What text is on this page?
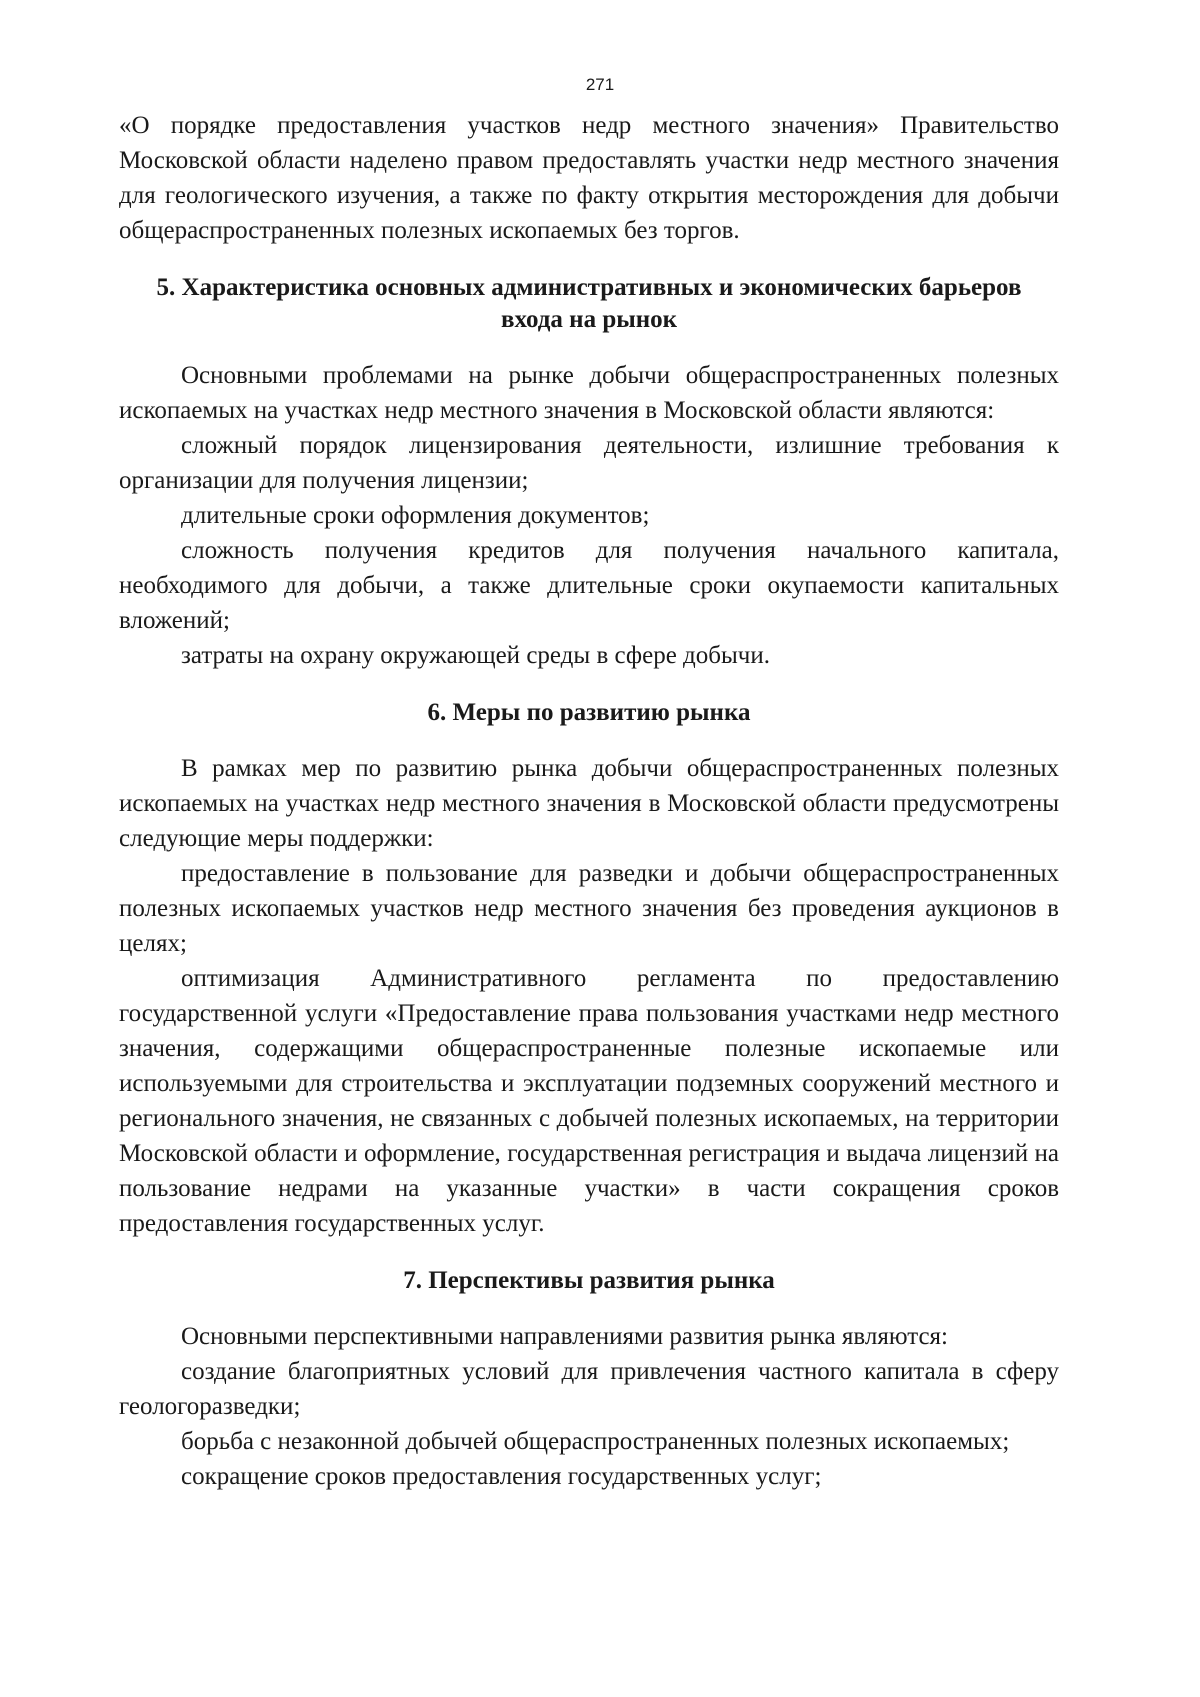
271

«О порядке предоставления участков недр местного значения» Правительство Московской области наделено правом предоставлять участки недр местного значения для геологического изучения, а также по факту открытия месторождения для добычи общераспространенных полезных ископаемых без торгов.

5. Характеристика основных административных и экономических барьеров входа на рынок

Основными проблемами на рынке добычи общераспространенных полезных ископаемых на участках недр местного значения в Московской области являются:

сложный порядок лицензирования деятельности, излишние требования к организации для получения лицензии;

длительные сроки оформления документов;

сложность получения кредитов для получения начального капитала, необходимого для добычи, а также длительные сроки окупаемости капитальных вложений;

затраты на охрану окружающей среды в сфере добычи.

6. Меры по развитию рынка

В рамках мер по развитию рынка добычи общераспространенных полезных ископаемых на участках недр местного значения в Московской области предусмотрены следующие меры поддержки:

предоставление в пользование для разведки и добычи общераспространенных полезных ископаемых участков недр местного значения без проведения аукционов в целях;

оптимизация Административного регламента по предоставлению государственной услуги «Предоставление права пользования участками недр местного значения, содержащими общераспространенные полезные ископаемые или используемыми для строительства и эксплуатации подземных сооружений местного и регионального значения, не связанных с добычей полезных ископаемых, на территории Московской области и оформление, государственная регистрация и выдача лицензий на пользование недрами на указанные участки» в части сокращения сроков предоставления государственных услуг.

7. Перспективы развития рынка

Основными перспективными направлениями развития рынка являются:

создание благоприятных условий для привлечения частного капитала в сферу геологоразведки;

борьба с незаконной добычей общераспространенных полезных ископаемых;

сокращение сроков предоставления государственных услуг;
